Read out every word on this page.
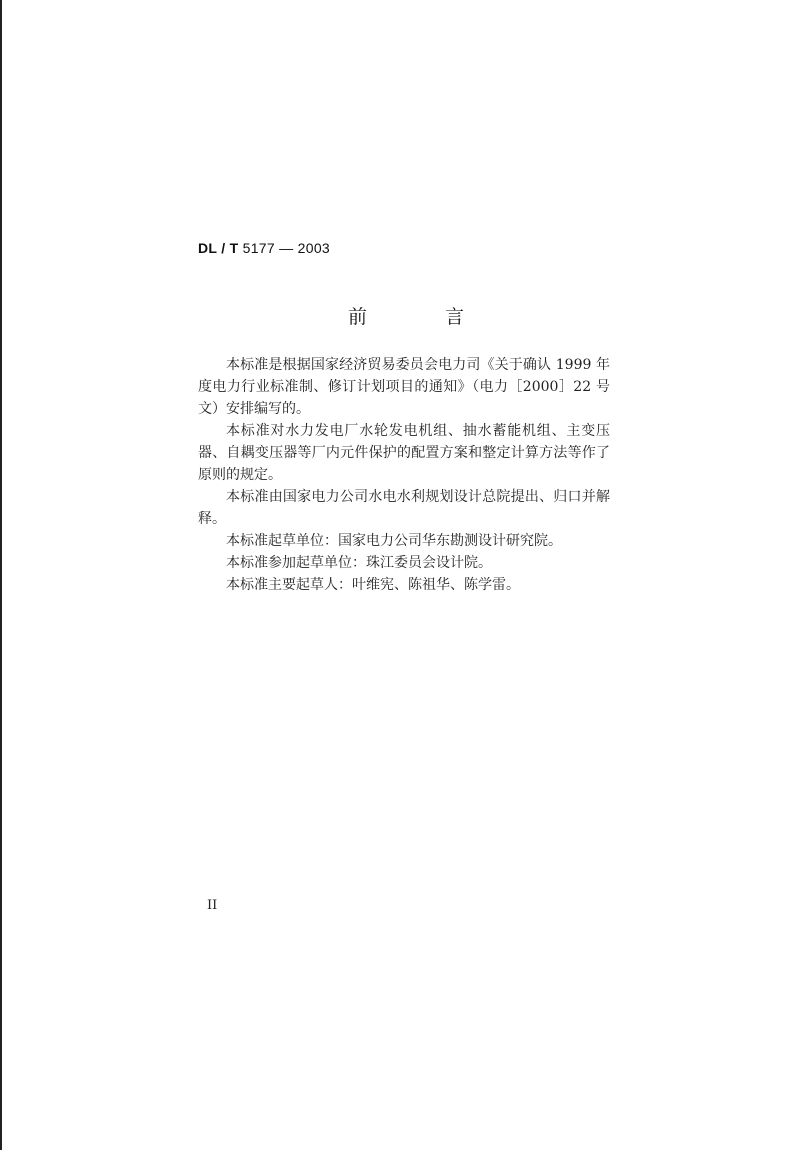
DL / T 5177 — 2003
前 言

本标准是根据国家经济贸易委员会电力司《关于确认 1999 年度电力行业标准制、修订计划项目的通知》（电力［2000］22 号文）安排编写的。

本标准对水力发电厂水轮发电机组、抽水蓄能机组、主变压器、自耦变压器等厂内元件保护的配置方案和整定计算方法等作了原则的规定。

本标准由国家电力公司水电水利规划设计总院提出、归口并解释。

本标准起草单位：国家电力公司华东勘测设计研究院。

本标准参加起草单位：珠江委员会设计院。

本标准主要起草人：叶维宪、陈祖华、陈学雷。

II
